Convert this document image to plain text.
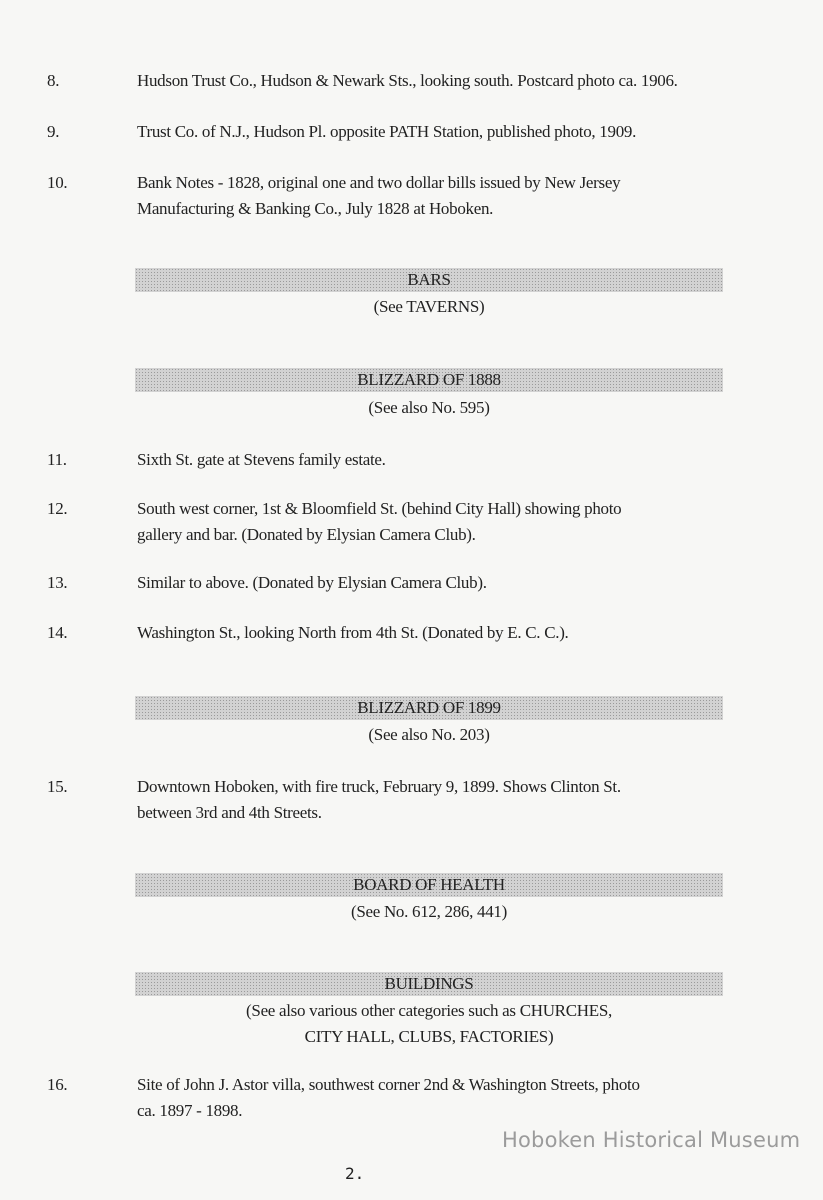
8.	Hudson Trust Co., Hudson & Newark Sts., looking south. Postcard photo ca. 1906.
9.	Trust Co. of N.J., Hudson Pl. opposite PATH Station, published photo, 1909.
10.	Bank Notes - 1828, original one and two dollar bills issued by New Jersey Manufacturing & Banking Co., July 1828 at Hoboken.
BARS
(See TAVERNS)
BLIZZARD OF 1888
(See also No. 595)
11.	Sixth St. gate at Stevens family estate.
12.	South west corner, 1st & Bloomfield St. (behind City Hall) showing photo gallery and bar. (Donated by Elysian Camera Club).
13.	Similar to above. (Donated by Elysian Camera Club).
14.	Washington St., looking North from 4th St. (Donated by E. C. C.).
BLIZZARD OF 1899
(See also No. 203)
15.	Downtown Hoboken, with fire truck, February 9, 1899. Shows Clinton St. between 3rd and 4th Streets.
BOARD OF HEALTH
(See No. 612, 286, 441)
BUILDINGS
(See also various other categories such as CHURCHES,
CITY HALL, CLUBS, FACTORIES)
16.	Site of John J. Astor villa, southwest corner 2nd & Washington Streets, photo ca. 1897 - 1898.
Hoboken Historical Museum
2.
